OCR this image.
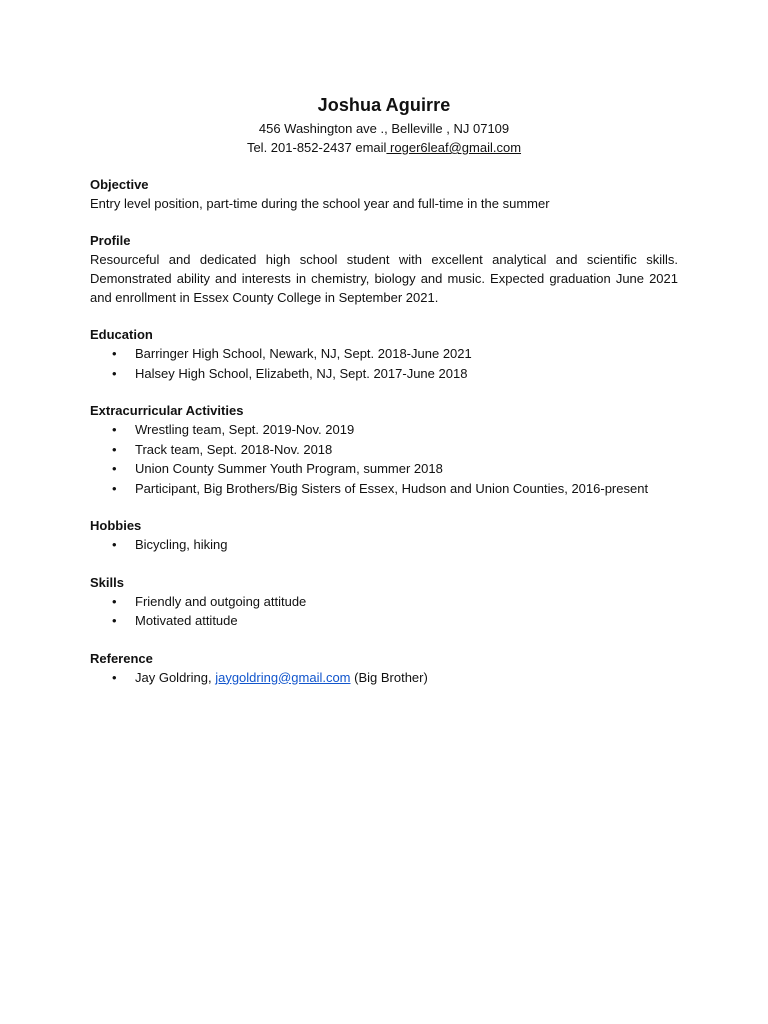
Joshua Aguirre
456 Washington ave ., Belleville , NJ 07109
Tel. 201-852-2437 email roger6leaf@gmail.com
Objective

Entry level position, part-time during the school year and full-time in the summer

Profile

Resourceful and dedicated high school student with excellent analytical and scientific skills. Demonstrated ability and interests in chemistry, biology and music. Expected graduation June 2021 and enrollment in Essex County College in September 2021.

Education
• Barringer High School, Newark, NJ, Sept. 2018-June 2021
• Halsey High School, Elizabeth, NJ, Sept. 2017-June 2018
Extracurricular Activities
• Wrestling team, Sept. 2019-Nov. 2019
• Track team, Sept. 2018-Nov. 2018
• Union County Summer Youth Program, summer 2018
• Participant, Big Brothers/Big Sisters of Essex, Hudson and Union Counties, 2016-present
Hobbies
• Bicycling, hiking
Skills
• Friendly and outgoing attitude
• Motivated attitude
Reference
• Jay Goldring, jaygoldring@gmail.com (Big Brother)
